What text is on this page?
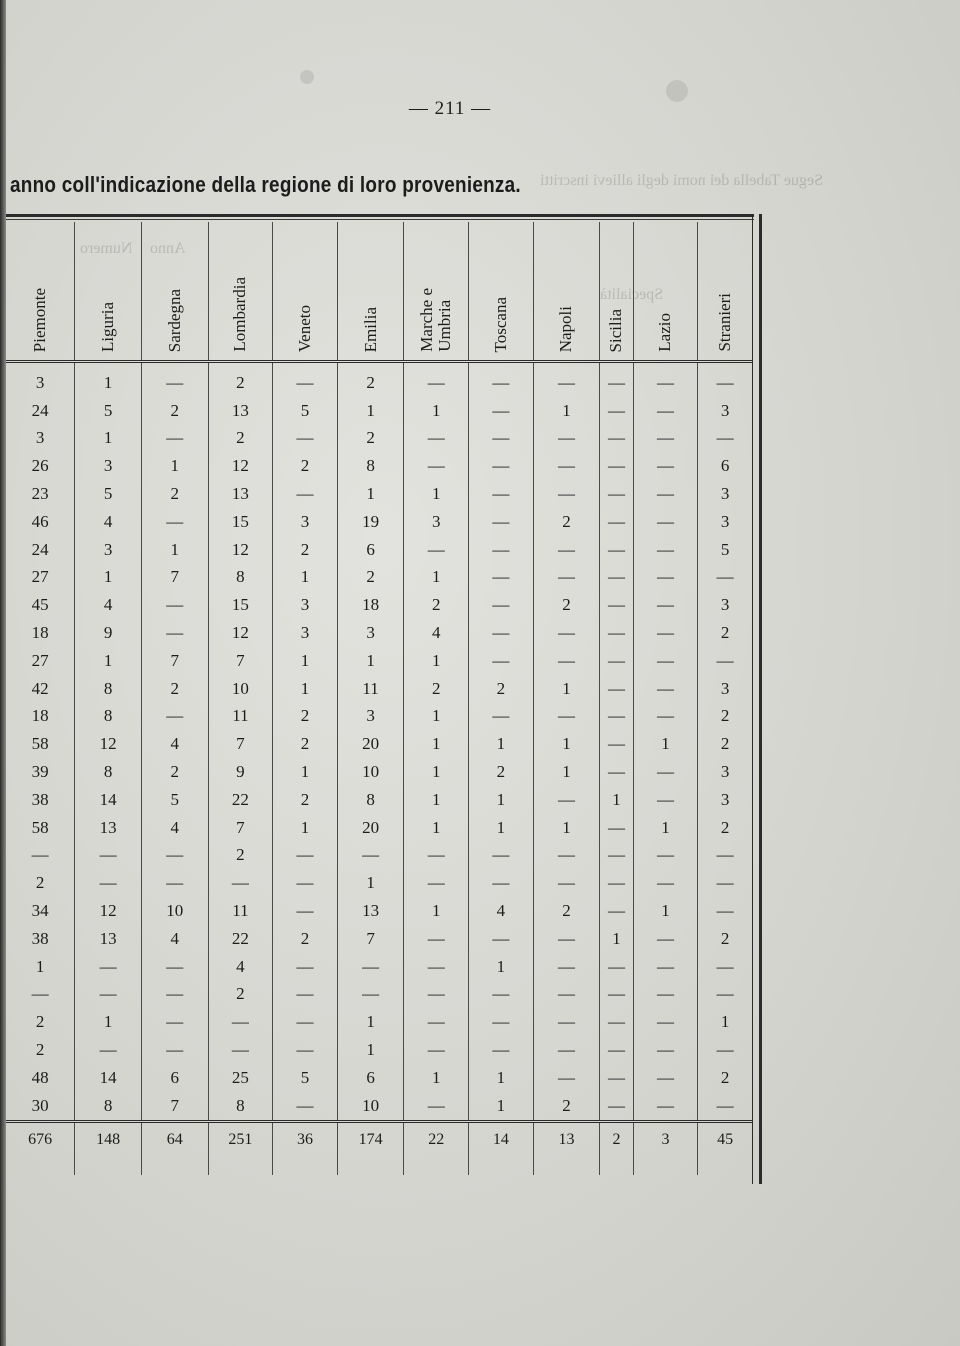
Segue Tabella dei nomi degli allievi inscritti
Anno
Numero
Specialità
— 211 —
anno coll'indicazione della regione di loro provenienza.
Piemonte	Liguria	Sardegna	Lombardia	Veneto	Emilia	Marche e
Umbria	Toscana	Napoli	Sicilia	Lazio	Stranieri

3	1	—	2	—	2	—	—	—	—	—	—
24	5	2	13	5	1	1	—	1	—	—	3
3	1	—	2	—	2	—	—	—	—	—	—
26	3	1	12	2	8	—	—	—	—	—	6
23	5	2	13	—	1	1	—	—	—	—	3
46	4	—	15	3	19	3	—	2	—	—	3
24	3	1	12	2	6	—	—	—	—	—	5
27	1	7	8	1	2	1	—	—	—	—	—
45	4	—	15	3	18	2	—	2	—	—	3
18	9	—	12	3	3	4	—	—	—	—	2
27	1	7	7	1	1	1	—	—	—	—	—
42	8	2	10	1	11	2	2	1	—	—	3
18	8	—	11	2	3	1	—	—	—	—	2
58	12	4	7	2	20	1	1	1	—	1	2
39	8	2	9	1	10	1	2	1	—	—	3
38	14	5	22	2	8	1	1	—	1	—	3
58	13	4	7	1	20	1	1	1	—	1	2
—	—	—	2	—	—	—	—	—	—	—	—
2	—	—	—	—	1	—	—	—	—	—	—
34	12	10	11	—	13	1	4	2	—	1	—
38	13	4	22	2	7	—	—	—	1	—	2
1	—	—	4	—	—	—	1	—	—	—	—
—	—	—	2	—	—	—	—	—	—	—	—
2	1	—	—	—	1	—	—	—	—	—	1
2	—	—	—	—	1	—	—	—	—	—	—
48	14	6	25	5	6	1	1	—	—	—	2
30	8	7	8	—	10	—	1	2	—	—	—
676	148	64	251	36	174	22	14	13	2	3	45
